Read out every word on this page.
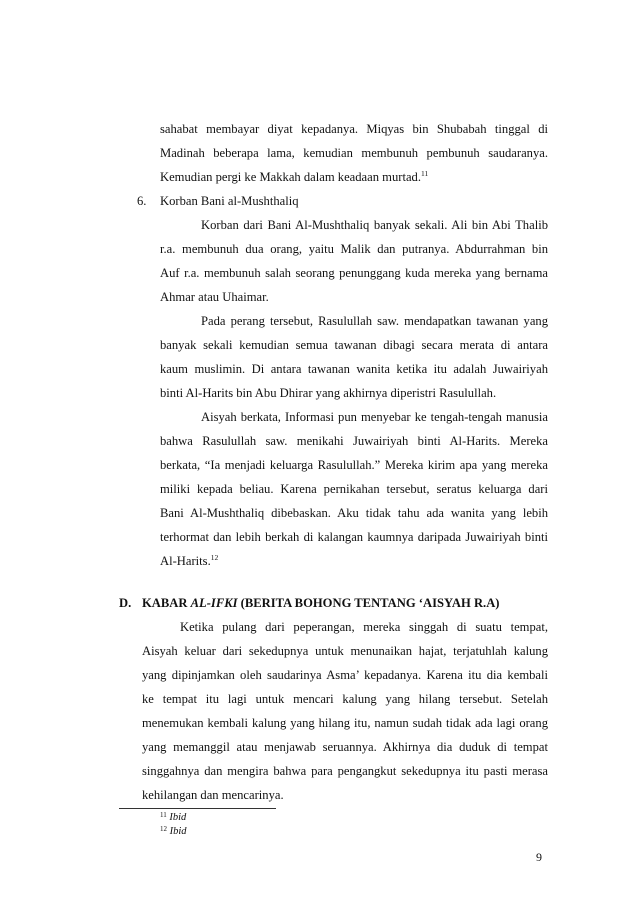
sahabat membayar diyat kepadanya. Miqyas bin Shubabah tinggal di
Madinah beberapa lama, kemudian membunuh pembunuh saudaranya.
Kemudian pergi ke Makkah dalam keadaan murtad.$^{11}$
6. Korban Bani al-Mushthaliq
Korban dari Bani Al-Mushthaliq banyak sekali. Ali bin Abi Thalib
r.a. membunuh dua orang, yaitu Malik dan putranya. Abdurrahman bin
Auf r.a. membunuh salah seorang penunggang kuda mereka yang bernama
Ahmar atau Uhaimar.
Pada perang tersebut, Rasulullah saw. mendapatkan tawanan yang
banyak sekali kemudian semua tawanan dibagi secara merata di antara
kaum muslimin. Di antara tawanan wanita ketika itu adalah Juwairiyah
binti Al-Harits bin Abu Dhirar yang akhirnya diperistri Rasulullah.
Aisyah berkata, Informasi pun menyebar ke tengah-tengah manusia
bahwa Rasulullah saw. menikahi Juwairiyah binti Al-Harits. Mereka
berkata, “Ia menjadi keluarga Rasulullah.” Mereka kirim apa yang mereka
miliki kepada beliau. Karena pernikahan tersebut, seratus keluarga dari
Bani Al-Mushthaliq dibebaskan. Aku tidak tahu ada wanita yang lebih
terhormat dan lebih berkah di kalangan kaumnya daripada Juwairiyah binti
Al-Harits.$^{12}$
D. KABAR AL-IFKI (BERITA BOHONG TENTANG ‘AISYAH R.A)
Ketika pulang dari peperangan, mereka singgah di suatu tempat,
Aisyah keluar dari sekedupnya untuk menunaikan hajat, terjatuhlah kalung
yang dipinjamkan oleh saudarinya Asma’ kepadanya. Karena itu dia kembali
ke tempat itu lagi untuk mencari kalung yang hilang tersebut. Setelah
menemukan kembali kalung yang hilang itu, namun sudah tidak ada lagi orang
yang memanggil atau menjawab seruannya. Akhirnya dia duduk di tempat
singgahnya dan mengira bahwa para pengangkut sekedupnya itu pasti merasa
kehilangan dan mencarinya.
$^{11}$ Ibid
$^{12}$ Ibid
9
